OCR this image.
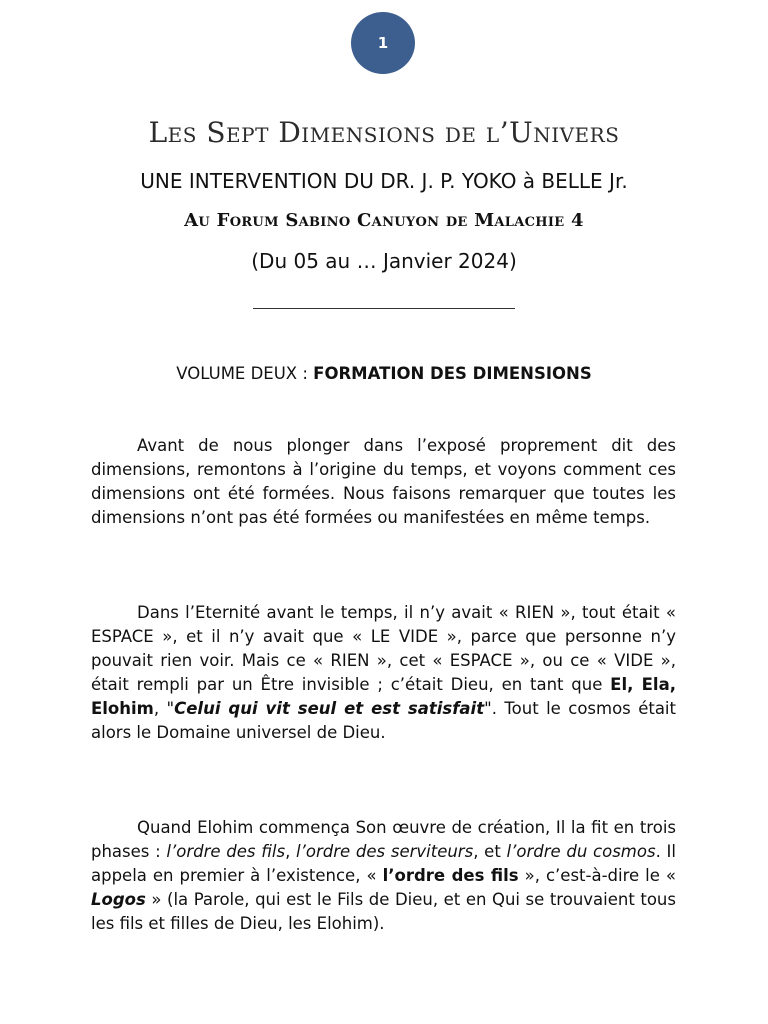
1
Les Sept Dimensions de l’Univers
UNE INTERVENTION DU DR. J. P. YOKO à BELLE Jr.
Au Forum Sabino Canuyon de Malachie 4
(Du 05 au … Janvier 2024)
VOLUME DEUX : FORMATION DES DIMENSIONS

Avant de nous plonger dans l’exposé proprement dit des dimensions, remontons à l’origine du temps, et voyons comment ces dimensions ont été formées. Nous faisons remarquer que toutes les dimensions n’ont pas été formées ou manifestées en même temps.

Dans l’Eternité avant le temps, il n’y avait « RIEN », tout était « ESPACE », et il n’y avait que « LE VIDE », parce que personne n’y pouvait rien voir. Mais ce « RIEN », cet « ESPACE », ou ce « VIDE », était rempli par un Être invisible ; c’était Dieu, en tant que El, Ela, Elohim, "Celui qui vit seul et est satisfait". Tout le cosmos était alors le Domaine universel de Dieu.

Quand Elohim commença Son œuvre de création, Il la fit en trois phases : l’ordre des fils, l’ordre des serviteurs, et l’ordre du cosmos. Il appela en premier à l’existence, « l’ordre des fils », c’est-à-dire le « Logos » (la Parole, qui est le Fils de Dieu, et en Qui se trouvaient tous les fils et filles de Dieu, les Elohim).
